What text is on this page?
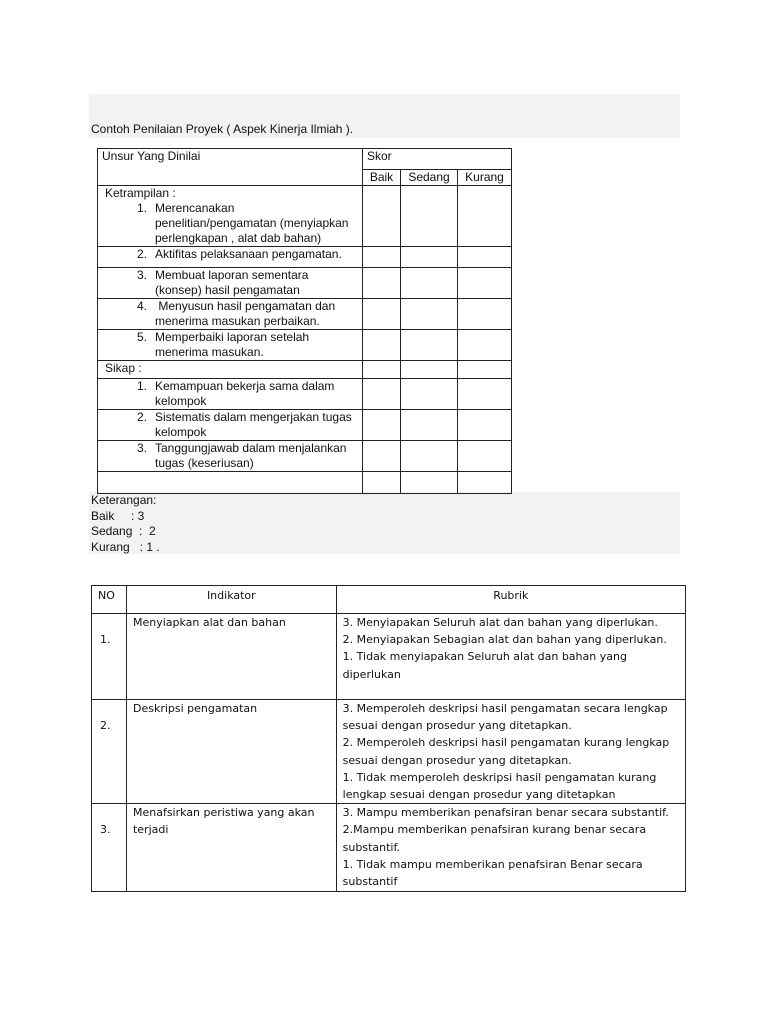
Contoh Penilaian Proyek ( Aspek Kinerja Ilmiah ).
Unsur Yang Dinilai	Skor		
	Baik	Sedang	Kurang

Ketrampilan :
1. Merencanakan penelitian/pengamatan (menyiapkan perlengkapan , alat dab bahan)			

2. Aktifitas pelaksanaan pengamatan.			

3. Membuat laporan sementara (konsep) hasil pengamatan			

4. Menyusun hasil pengamatan dan menerima masukan perbaikan.			

5. Memperbaiki laporan setelah menerima masukan.			

Sikap :			

1. Kemampuan bekerja sama dalam kelompok			

2. Sistematis dalam mengerjakan tugas kelompok			

3. Tanggungjawab dalam menjalankan tugas (keseriusan)			

Keterangan:
Baik     : 3
Sedang  :  2
Kurang   : 1 .
NO	Indikator	Rubrik
1.	Menyiapkan alat dan bahan	3. Menyiapakan Seluruh alat dan bahan yang diperlukan.
2. Menyiapakan Sebagian alat dan bahan yang diperlukan.
1. Tidak menyiapakan Seluruh alat dan bahan yang diperlukan

2.	Deskripsi pengamatan	3. Memperoleh deskripsi hasil pengamatan secara lengkap sesuai dengan prosedur yang ditetapkan.
2. Memperoleh deskripsi hasil pengamatan kurang lengkap sesuai dengan prosedur yang ditetapkan.
1. Tidak memperoleh deskripsi hasil pengamatan kurang lengkap sesuai dengan prosedur yang ditetapkan

3.	Menafsirkan peristiwa yang akan terjadi	3. Mampu memberikan penafsiran benar secara substantif.
2.Mampu memberikan penafsiran kurang benar secara substantif.
1. Tidak mampu memberikan penafsiran Benar secara substantif
